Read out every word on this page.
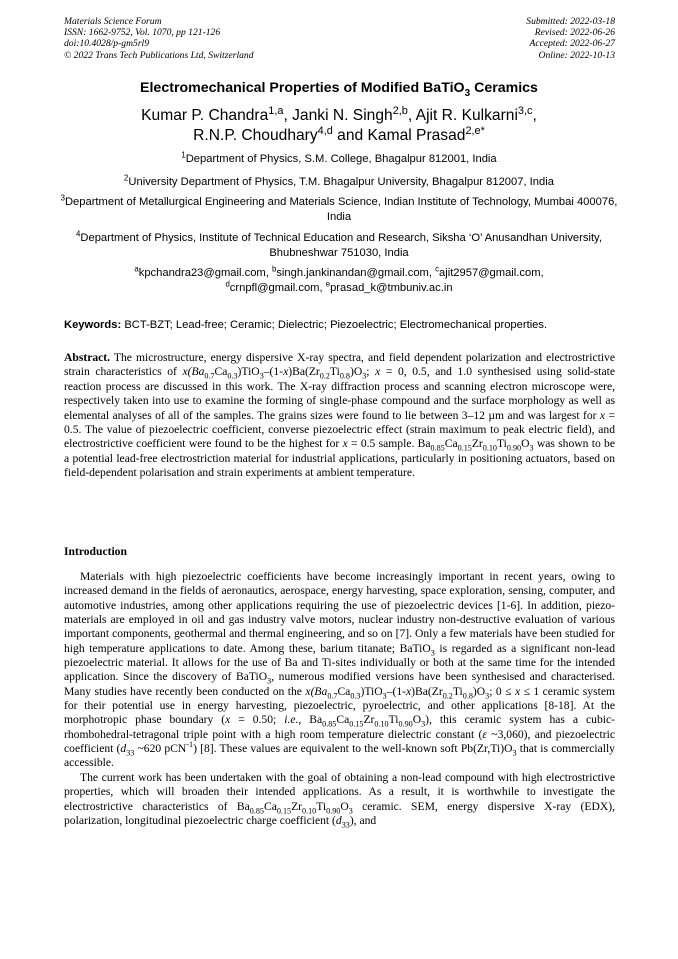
Materials Science Forum
ISSN: 1662-9752, Vol. 1070, pp 121-126
doi:10.4028/p-gm5rl9
© 2022 Trans Tech Publications Ltd, Switzerland
Submitted: 2022-03-18
Revised: 2022-06-26
Accepted: 2022-06-27
Online: 2022-10-13
Electromechanical Properties of Modified BaTiO$_3$ Ceramics
Kumar P. Chandra$^{1,a}$, Janki N. Singh$^{2,b}$, Ajit R. Kulkarni$^{3,c}$,
R.N.P. Choudhary$^{4,d}$ and Kamal Prasad$^{2,e*}$
$^1$Department of Physics, S.M. College, Bhagalpur 812001, India
$^2$University Department of Physics, T.M. Bhagalpur University, Bhagalpur 812007, India
$^3$Department of Metallurgical Engineering and Materials Science, Indian Institute of Technology, Mumbai 400076, India
$^4$Department of Physics, Institute of Technical Education and Research, Siksha ‘O’ Anusandhan University, Bhubneshwar 751030, India
$^a$kpchandra23@gmail.com, $^b$singh.jankinandan@gmail.com, $^c$ajit2957@gmail.com,
$^d$crnpfl@gmail.com, $^e$prasad_k@tmbuniv.ac.in
Keywords: BCT-BZT; Lead-free; Ceramic; Dielectric; Piezoelectric; Electromechanical properties.
Abstract. The microstructure, energy dispersive X-ray spectra, and field dependent polarization and electrostrictive strain characteristics of $x(Ba_{0.7}Ca_{0.3})TiO_3-(1-x)Ba(Zr_{0.2}Ti_{0.8})O_3$; x = 0, 0.5, and 1.0 synthesised using solid-state reaction process are discussed in this work. The X-ray diffraction process and scanning electron microscope were, respectively taken into use to examine the forming of single-phase compound and the surface morphology as well as elemental analyses of all of the samples. The grains sizes were found to lie between 3–12 µm and was largest for x = 0.5. The value of piezoelectric coefficient, converse piezoelectric effect (strain maximum to peak electric field), and electrostrictive coefficient were found to be the highest for x = 0.5 sample. $Ba_{0.85}Ca_{0.15}Zr_{0.10}Ti_{0.90}O_3$ was shown to be a potential lead-free electrostriction material for industrial applications, particularly in positioning actuators, based on field-dependent polarisation and strain experiments at ambient temperature.
Introduction

Materials with high piezoelectric coefficients have become increasingly important in recent years, owing to increased demand in the fields of aeronautics, aerospace, energy harvesting, space exploration, sensing, computer, and automotive industries, among other applications requiring the use of piezoelectric devices [1-6]. In addition, piezo-materials are employed in oil and gas industry valve motors, nuclear industry non-destructive evaluation of various important components, geothermal and thermal engineering, and so on [7]. Only a few materials have been studied for high temperature applications to date. Among these, barium titanate; BaTiO$_3$ is regarded as a significant non-lead piezoelectric material. It allows for the use of Ba and Ti-sites individually or both at the same time for the intended application. Since the discovery of BaTiO$_3$, numerous modified versions have been synthesised and characterised. Many studies have recently been conducted on the $x(Ba_{0.7}Ca_{0.3})TiO_3-(1-x)Ba(Zr_{0.2}Ti_{0.8})O_3$; 0 ≤ x ≤ 1 ceramic system for their potential use in energy harvesting, piezoelectric, pyroelectric, and other applications [8-18]. At the morphotropic phase boundary (x = 0.50; i.e., $Ba_{0.85}Ca_{0.15}Zr_{0.10}Ti_{0.90}O_3$), this ceramic system has a cubic-rhombohedral-tetragonal triple point with a high room temperature dielectric constant (ε ~3,060), and piezoelectric coefficient ($d_{33}$ ~620 pCN$^{-1}$) [8]. These values are equivalent to the well-known soft $Pb(Zr,Ti)O_3$ that is commercially accessible.

The current work has been undertaken with the goal of obtaining a non-lead compound with high electrostrictive properties, which will broaden their intended applications. As a result, it is worthwhile to investigate the electrostrictive characteristics of $Ba_{0.85}Ca_{0.15}Zr_{0.10}Ti_{0.90}O_3$ ceramic. SEM, energy dispersive X-ray (EDX), polarization, longitudinal piezoelectric charge coefficient $(d_{33})$, and
